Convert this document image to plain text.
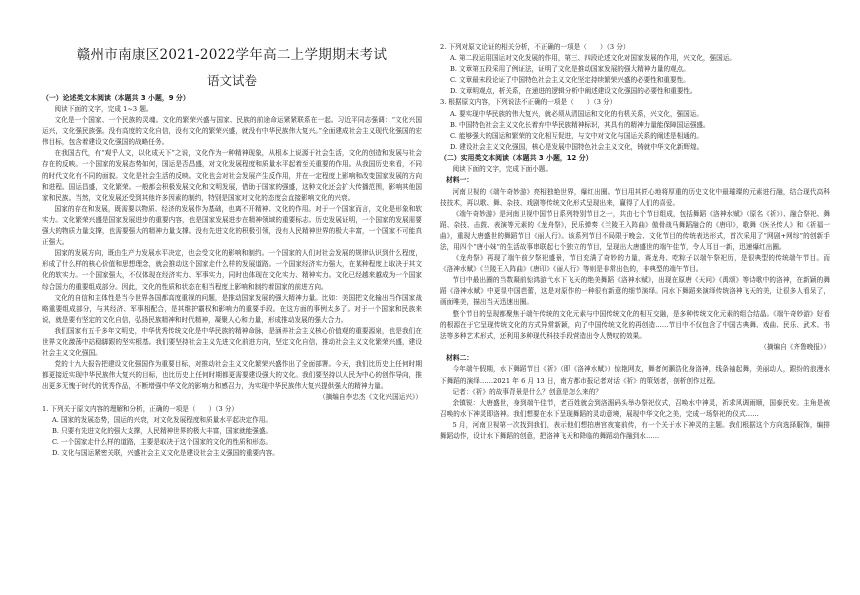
赣州市南康区2021-2022学年高二上学期期末考试
语文试卷
（一）论述类文本阅读（本题共 3 小题，9 分）
阅读下面的文字，完成 1~3 题。
文化是一个国家、一个民族的灵魂。文化的繁荣兴盛与国家、民族的前途命运紧紧联系在一起。习近平同志强调：“文化兴国运兴，文化强民族强。没有高度的文化自信，没有文化的繁荣兴盛，就没有中华民族伟大复兴。”全面建成社会主义现代化强国的宏伟目标，包含着建设文化强国的战略任务。
在我国古代，有“观乎人文，以化成天下”之说，文化作为一种精神现象，从根本上说源于社会生活，文化的创造和发展与社会存在的反映。一个国家的发展态势如何，国运是否昌盛，对文化发展程度和质量水平起着至关重要的作用。从我国历史来看，不同的时代文化有不同的面貌。文化是社会生活的反映。文化也会对社会发展产生反作用，并在一定程度上影响和改变国家发展的方向和进程。国运昌盛，文化繁荣。一般都会积极发展文化和文明发展，借助于国家的强盛，这种文化还会扩大传播范围，影响其他国家和民族。当然，文化发展还受到其他许多因素的制约，特别是国家对文化的态度会直接影响文化的兴衰。
国家的存在和发展，既需要以物质、经济的发展作为基础，也离不开精神、文化的作用。对于一个国家而言，文化是形象和软实力。文化繁荣兴盛是国家发展进步的重要内容，也是国家发展进步在精神领域的重要标志。历史发展证明，一个国家的发展需要强大的物质力量支撑，也需要强大的精神力量支撑。没有先进文化的积极引领，没有人民精神世界的极大丰富，一个国家不可能真正强大。
国家的发展方向，既由生产力发展水平决定，也会受文化的影响和制约。一个国家的人们对社会发展的规律认识到什么程度，形成了什么样的核心价值和思想理念，就会推动这个国家走什么样的发展道路。一个国家经济实力强大，在某种程度上取决于其文化的软实力。一个国家强大，不仅体现在经济实力、军事实力，同时也体现在文化实力、精神实力。文化已经越来越成为一个国家综合国力的重要组成部分。因此，文化的性质和状态在相当程度上影响和制约着国家的前进方向。
文化的自信和主体性是当今世界各国都高度重视的问题，是推动国家发展的强大精神力量。比如：美国把文化输出当作国家战略重要组成部分，与其经济、军事相配合，是其维护霸权和影响力的重要手段。在这方面的事例太多了。对于一个国家和民族来说，就是要有坚定的文化自信，弘扬民族精神和时代精神，凝聚人心和力量，形成推动发展的强大合力。
我们国家有五千多年文明史，中华优秀传统文化是中华民族的精神命脉，是涵养社会主义核心价值观的重要源泉，也是我们在世界文化激荡中站稳脚跟的坚实根基。我们要坚持社会主义先进文化前进方向，坚定文化自信，推动社会主义文化繁荣兴盛，建设社会主义文化强国。
党的十九大报告把建设文化强国作为重要目标，对推动社会主义文化繁荣兴盛作出了全面部署。今天，我们比历史上任何时期都更接近实现中华民族伟大复兴的目标，也比历史上任何时期都更需要建设强大的文化。我们要坚持以人民为中心的创作导向，推出更多无愧于时代的优秀作品，不断增强中华文化的影响力和感召力，为实现中华民族伟大复兴提供强大的精神力量。
（摘编自李忠杰《文化兴国运兴》）
1. 下列关于原文内容的理解和分析，正确的一项是（　　）（3 分）
A. 国家的发展态势，国运的兴衰，对文化发展程度和质量水平起决定作用。
B. 只要有先进文化的强大支撑，人民精神世界的极大丰富，国家就能强盛。
C. 一个国家走什么样的道路，主要是取决于这个国家的文化的性质和形态。
D. 文化与国运紧密关联，兴盛社会主义文化是建设社会主义强国的重要内容。
2. 下列对原文论证的相关分析，不正确的一项是（　　）（3 分）
A. 第二段运用国运对文化发展的作用，第三、四段论述文化对国家发展的作用，兴文化，强国运。
B. 文章第五段采用了例证法，证明了文化是推动国家发展的强大精神力量的观点。
C. 文章最末段论证了中国特色社会主义文化坚定持续繁荣兴盛的必要性和重要性。
D. 文章明观点，析关系，在递进的逻辑分析中阐述建设文化强国的必要性和重要性。
3. 根据原文内容，下列说法不正确的一项是（　　）（3 分）
A. 要实现中华民族的伟大复兴，就必须从清国运和文化的有机关系，兴文化，强国运。
B. 中国特色社会主义文化长着弃中华民族精神标识，其具有的精神力量能保障国运强盛。
C. 能够强大的国运和繁荣的文化相互促进，与文中对文化与国运关系的阐述是相通的。
D. 建设社会主义文化强国，核心是发展中国特色社会主义文化，铸就中华文化新辉煌。
（二）实用类文本阅读（本题共 3 小题，12 分）
阅读下面的文字，完成下面小题。
材料一：
河南卫视的《端午奇妙游》亮相独艳世界，爆红出圈。节目用其匠心地将厚重的历史文化中最璀璨的元素进行融，结合现代高科技技术，再以歌、舞、杂技、戏剧等传统文化形式呈现出来，赢得了人们的喜爱。
《端午奇妙游》是河南卫视中国节日系列特别节目之一，共由七个节目组成，包括舞蹈《洛神水赋》（原名《祈》）、融合祭祀、舞蹈、杂技、击鼓、表演等元素的《龙舟祭》，民乐弹奏《兰陵王入阵曲》傲骨战马舞蹈融合的《唐印》，歌舞《医圣传人》和《祈福一曲》，重现大唐盛世的舞蹈节目《丽人行》。该系列节目不局限于晚会、文化节目的传统表达形式，首次采用了“网剧+网综”的创新手法，用四个“唐小妹”的生活故事串联起七个独立的节目，呈现出大唐盛世的端午佳节，令人耳目一新，迅速爆红出圈。
《龙舟祭》再现了端午前夕祭祀盛景，节目充满了奇妙的力量，赛龙舟、吃粽子以端午祭祀历，是很典型的传统端午节目。而《洛神水赋》《兰陵王入阵曲》《唐印》《丽人行》等则是非常出色的，非典型的端午节目。
节目中最出圈的当数凝前惊鸿游弋水下飞天的绝美舞蹈《洛神水赋》，出现在原唐《天问》《禹颂》等诗歌中的洛神，在新颖的舞蹈《洛神水赋》中更显中国芭蕾，这是对原作的一种很有新意的细节演绎。同水下舞蹈来演绎传统洛神飞天的美，让很多人看呆了，画面唯美，描出当天迅速出圈。
整个节目的呈现都聚焦于端午传统的文化元素与中国传统文化的相互交融，是多种传统文化元素的组合结晶。《端午奇妙游》好看的根源在于它呈现传统文化的方式异常新颖，向了中国传统文化的再创造……节目中不仅包含了中国古典舞、戏曲、民乐、武术、书法等多种艺术形式，还利用多种现代科技手段营造出令人赞叹的效果。
（摘编自《齐鲁晚报》）
材料二：
今年端午假期，水下舞蹈节目《祈》（即《洛神水赋》）惊艳网友，舞者何灏浩化身洛神，线条袖起舞，美丽动人，跟纷的浪漫水下舞蹈的演绎……2021 年 6 月 13 日，南方都市报记者对话《祈》的策划者，剖析创作过程。
记者：《祈》的故事背景是什么？创意是怎么来的？
余镇锐：大唐盛世，身到端午佳节，老百姓就会到洛湄码头举办祭祀仪式，召唤水中神灵，祈求风调雨顺，国泰民安。主角是被召唤的水下神灵即洛神。我们想要在水下呈现舞蹈的灵动意境，展现中华文化之美，完成一场祭祀的仪式……
5 月，河南卫视第一次找到我们，表示他们想拍唐宫夜宴前传，有一个关于水下神灵的主题。我们根据这个方向选择服饰，编排舞蹈动作，设计水下舞蹈的创意，把洛神飞天和降临的舞蹈动作融到水……
